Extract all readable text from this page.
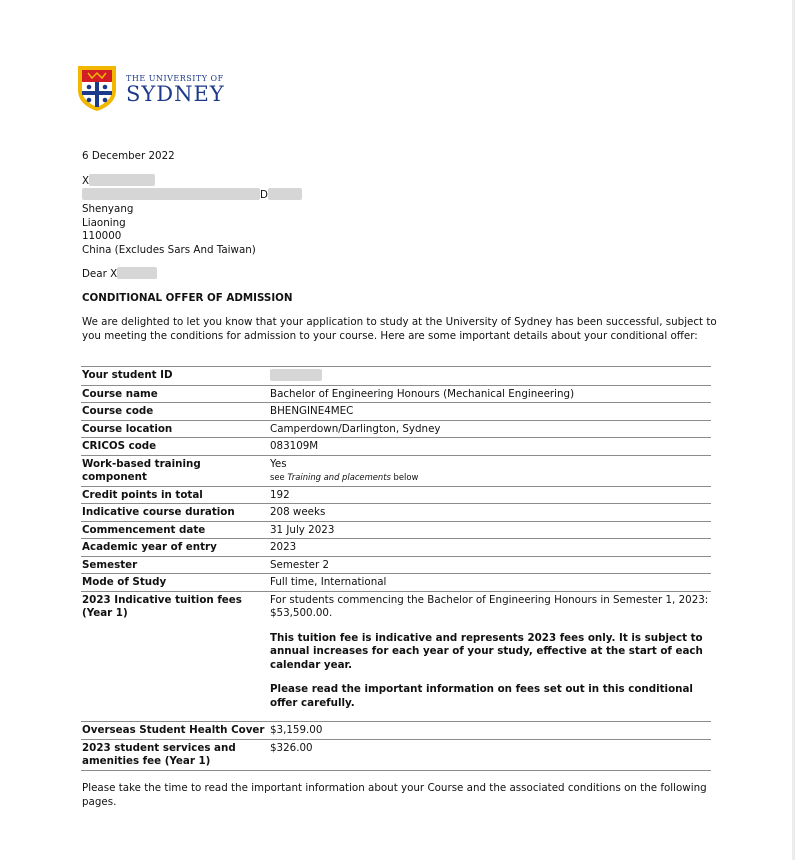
THE UNIVERSITY OF
SYDNEY
6 December 2022
X
D
Shenyang
Liaoning
110000
China (Excludes Sars And Taiwan)
Dear X
CONDITIONAL OFFER OF ADMISSION
We are delighted to let you know that your application to study at the University of Sydney has been successful, subject to you meeting the conditions for admission to your course. Here are some important details about your conditional offer:
Your student ID	
Course name	Bachelor of Engineering Honours (Mechanical Engineering)
Course code	BHENGINE4MEC
Course location	Camperdown/Darlington, Sydney
CRICOS code	083109M
Work-based training component	Yes
see Training and placements below

Credit points in total	192
Indicative course duration	208 weeks
Commencement date	31 July 2023
Academic year of entry	2023
Semester	Semester 2
Mode of Study	Full time, International
2023 Indicative tuition fees (Year 1)	For students commencing the Bachelor of Engineering Honours in Semester 1, 2023: $53,500.00.
This tuition fee is indicative and represents 2023 fees only. It is subject to annual increases for each year of your study, effective at the start of each calendar year.
Please read the important information on fees set out in this conditional offer carefully.

Overseas Student Health Cover	$3,159.00
2023 student services and amenities fee (Year 1)	$326.00
Please take the time to read the important information about your Course and the associated conditions on the following pages.
